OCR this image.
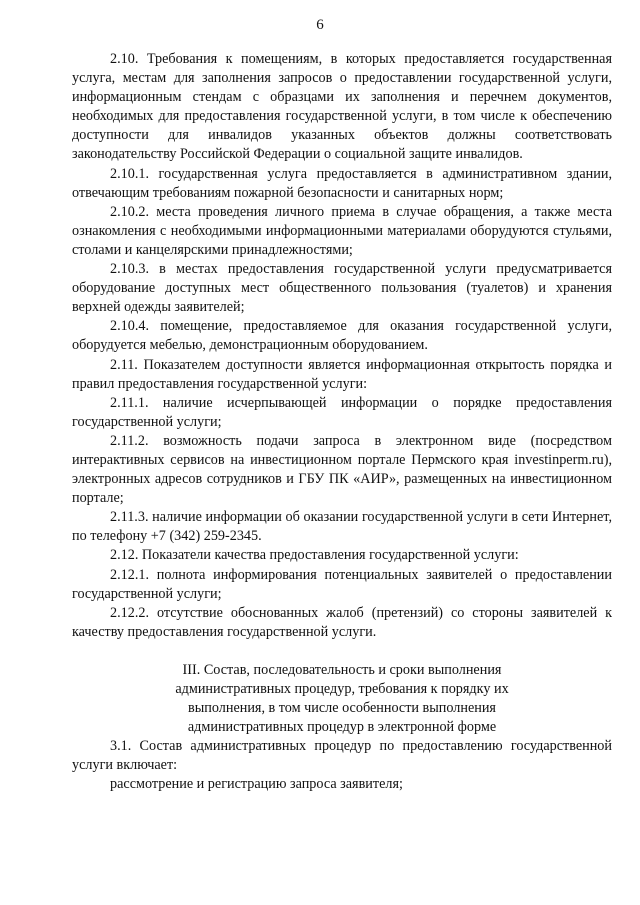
6

2.10. Требования к помещениям, в которых предоставляется государственная услуга, местам для заполнения запросов о предоставлении государственной услуги, информационным стендам с образцами их заполнения и перечнем документов, необходимых для предоставления государственной услуги, в том числе к обеспечению доступности для инвалидов указанных объектов должны соответствовать законодательству Российской Федерации о социальной защите инвалидов.

2.10.1. государственная услуга предоставляется в административном здании, отвечающим требованиям пожарной безопасности и санитарных норм;

2.10.2. места проведения личного приема в случае обращения, а также места ознакомления с необходимыми информационными материалами оборудуются стульями, столами и канцелярскими принадлежностями;

2.10.3. в местах предоставления государственной услуги предусматривается оборудование доступных мест общественного пользования (туалетов) и хранения верхней одежды заявителей;

2.10.4. помещение, предоставляемое для оказания государственной услуги, оборудуется мебелью, демонстрационным оборудованием.

2.11. Показателем доступности является информационная открытость порядка и правил предоставления государственной услуги:

2.11.1. наличие исчерпывающей информации о порядке предоставления государственной услуги;

2.11.2. возможность подачи запроса в электронном виде (посредством интерактивных сервисов на инвестиционном портале Пермского края investinperm.ru), электронных адресов сотрудников и ГБУ ПК «АИР», размещенных на инвестиционном портале;

2.11.3. наличие информации об оказании государственной услуги в сети Интернет, по телефону +7 (342) 259-2345.

2.12. Показатели качества предоставления государственной услуги:

2.12.1. полнота информирования потенциальных заявителей о предоставлении государственной услуги;

2.12.2. отсутствие обоснованных жалоб (претензий) со стороны заявителей к качеству предоставления государственной услуги.

III. Состав, последовательность и сроки выполнения
административных процедур, требования к порядку их
выполнения, в том числе особенности выполнения
административных процедур в электронной форме

3.1. Состав административных процедур по предоставлению государственной услуги включает:

рассмотрение и регистрацию запроса заявителя;
